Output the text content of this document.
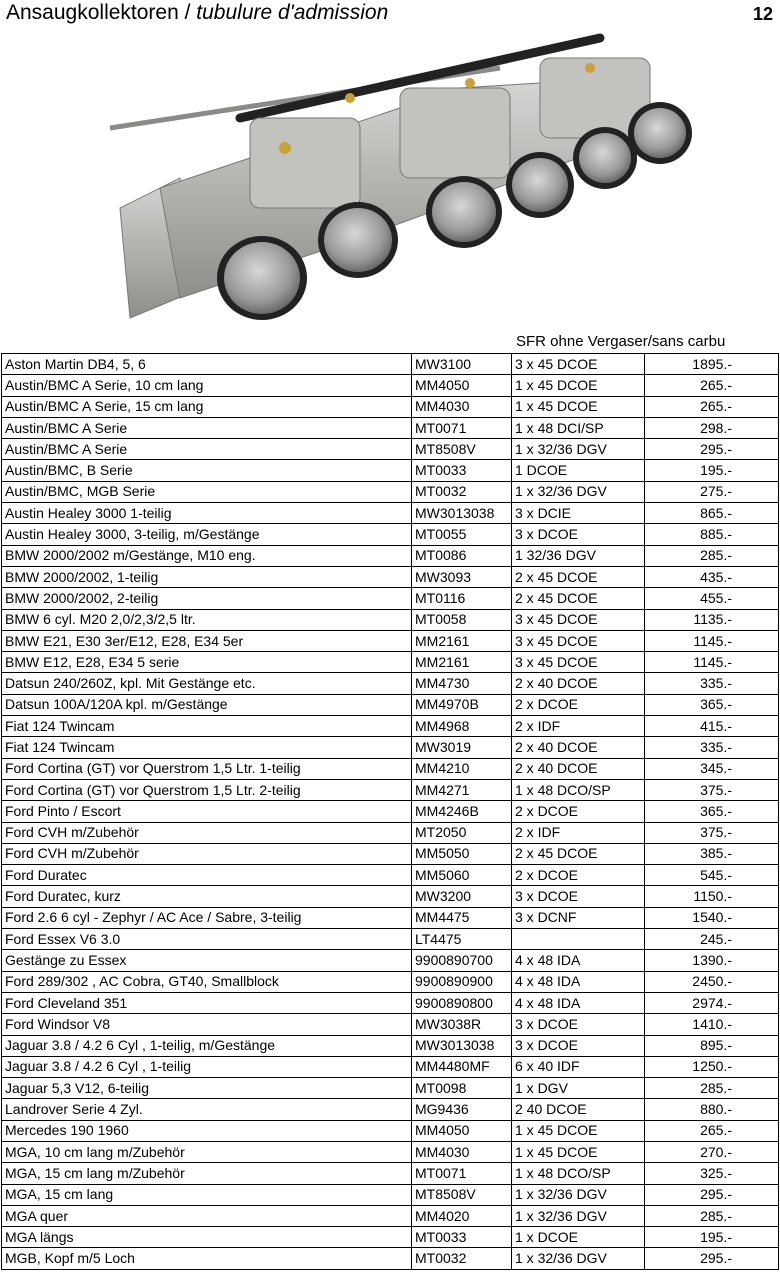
Ansaugkollektoren / tubulure d'admission	12
SFR ohne Vergaser/sans carbu
Aston Martin DB4, 5, 6	MW3100	3 x 45 DCOE	1895.-
Austin/BMC A Serie, 10 cm lang	MM4050	1 x 45 DCOE	265.-
Austin/BMC A Serie, 15 cm lang	MM4030	1 x 45 DCOE	265.-
Austin/BMC A Serie	MT0071	1 x 48 DCI/SP	298.-
Austin/BMC A Serie	MT8508V	1 x 32/36 DGV	295.-
Austin/BMC, B Serie	MT0033	1 DCOE	195.-
Austin/BMC, MGB Serie	MT0032	1 x 32/36 DGV	275.-
Austin Healey 3000 1-teilig	MW3013038	3 x DCIE	865.-
Austin Healey 3000, 3-teilig, m/Gestänge	MT0055	3 x DCOE	885.-
BMW 2000/2002 m/Gestänge, M10 eng.	MT0086	1 32/36 DGV	285.-
BMW 2000/2002, 1-teilig	MW3093	2 x 45 DCOE	435.-
BMW 2000/2002, 2-teilig	MT0116	2 x 45 DCOE	455.-
BMW 6 cyl. M20 2,0/2,3/2,5 ltr.	MT0058	3 x 45 DCOE	1135.-
BMW E21, E30 3er/E12, E28, E34 5er	MM2161	3 x 45 DCOE	1145.-
BMW E12, E28, E34 5 serie	MM2161	3 x 45 DCOE	1145.-
Datsun 240/260Z, kpl. Mit Gestänge etc.	MM4730	2 x 40 DCOE	335.-
Datsun 100A/120A kpl. m/Gestänge	MM4970B	2 x DCOE	365.-
Fiat 124 Twincam	MM4968	2 x IDF	415.-
Fiat 124 Twincam	MW3019	2 x 40 DCOE	335.-
Ford Cortina (GT) vor Querstrom 1,5 Ltr. 1-teilig	MM4210	2 x 40 DCOE	345.-
Ford Cortina (GT) vor Querstrom 1,5 Ltr. 2-teilig	MM4271	1 x 48 DCO/SP	375.-
Ford Pinto / Escort	MM4246B	2 x DCOE	365.-
Ford CVH m/Zubehör	MT2050	2 x IDF	375.-
Ford CVH m/Zubehör	MM5050	2 x 45 DCOE	385.-
Ford Duratec	MM5060	2 x DCOE	545.-
Ford Duratec, kurz	MW3200	3 x DCOE	1150.-
Ford 2.6 6 cyl - Zephyr / AC Ace / Sabre, 3-teilig	MM4475	3 x DCNF	1540.-
Ford Essex V6 3.0	LT4475		245.-
Gestänge zu Essex	9900890700	4 x 48 IDA	1390.-
Ford 289/302 , AC Cobra, GT40, Smallblock	9900890900	4 x 48 IDA	2450.-
Ford Cleveland 351	9900890800	4 x 48 IDA	2974.-
Ford Windsor V8	MW3038R	3 x DCOE	1410.-
Jaguar 3.8 / 4.2 6 Cyl , 1-teilig, m/Gestänge	MW3013038	3 x DCOE	895.-
Jaguar 3.8 / 4.2 6 Cyl , 1-teilig	MM4480MF	6 x 40 IDF	1250.-
Jaguar 5,3 V12, 6-teilig	MT0098	1 x DGV	285.-
Landrover Serie 4 Zyl.	MG9436	2 40 DCOE	880.-
Mercedes 190 1960	MM4050	1 x 45 DCOE	265.-
MGA, 10 cm lang m/Zubehör	MM4030	1 x 45 DCOE	270.-
MGA, 15 cm lang m/Zubehör	MT0071	1 x 48 DCO/SP	325.-
MGA, 15 cm lang	MT8508V	1 x 32/36 DGV	295.-
MGA quer	MM4020	1 x 32/36 DGV	285.-
MGA längs	MT0033	1 x DCOE	195.-
MGB, Kopf m/5 Loch	MT0032	1 x 32/36 DGV	295.-
